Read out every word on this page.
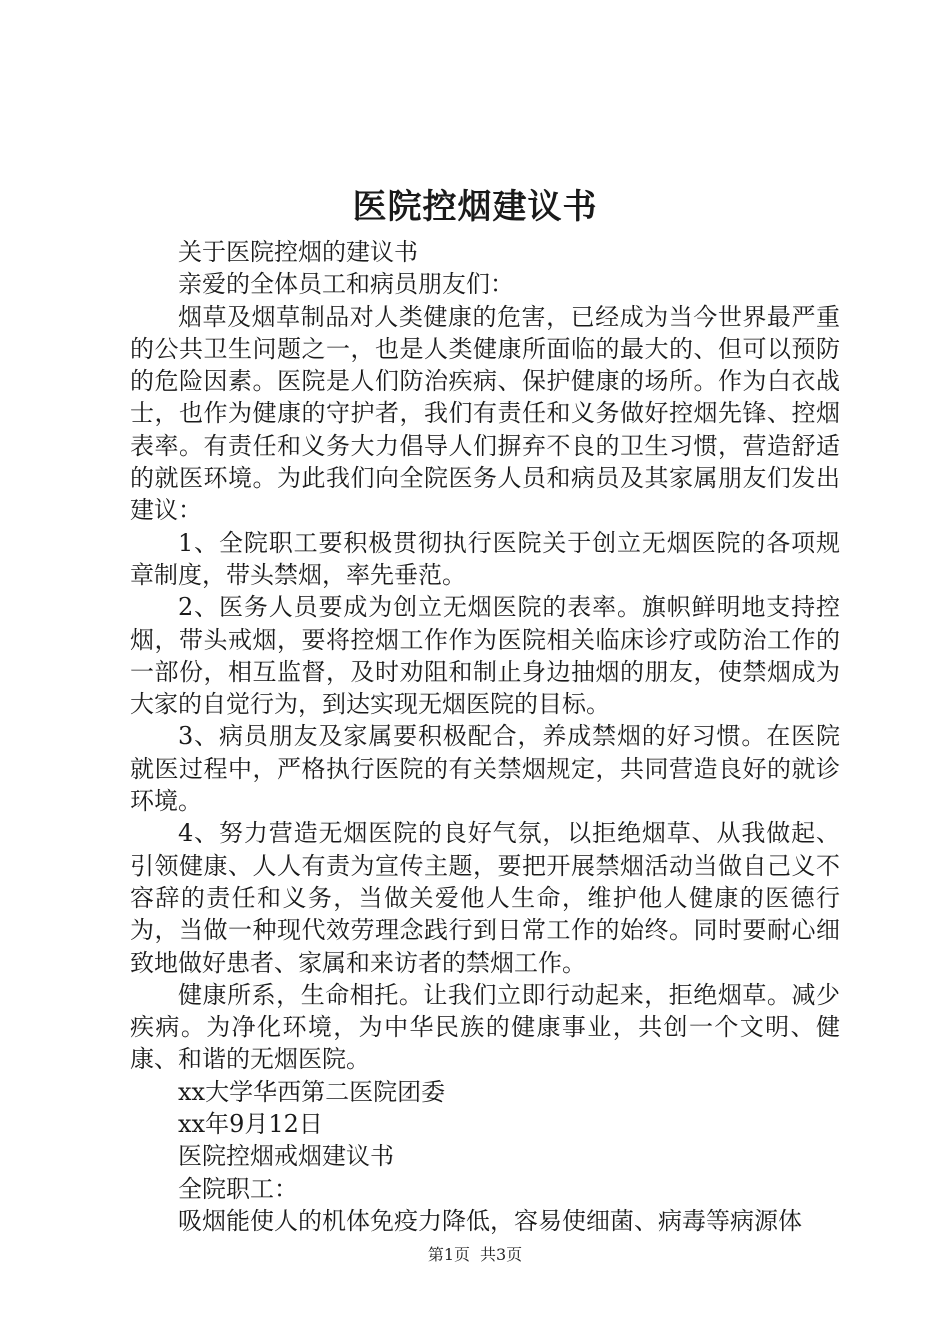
医院控烟建议书

关于医院控烟的建议书

亲爱的全体员工和病员朋友们：

烟草及烟草制品对人类健康的危害，已经成为当今世界最严重的公共卫生问题之一，也是人类健康所面临的最大的、但可以预防的危险因素。医院是人们防治疾病、保护健康的场所。作为白衣战士，也作为健康的守护者，我们有责任和义务做好控烟先锋、控烟表率。有责任和义务大力倡导人们摒弃不良的卫生习惯，营造舒适的就医环境。为此我们向全院医务人员和病员及其家属朋友们发出建议：

1、全院职工要积极贯彻执行医院关于创立无烟医院的各项规章制度，带头禁烟，率先垂范。

2、医务人员要成为创立无烟医院的表率。旗帜鲜明地支持控烟，带头戒烟，要将控烟工作作为医院相关临床诊疗或防治工作的一部份，相互监督，及时劝阻和制止身边抽烟的朋友，使禁烟成为大家的自觉行为，到达实现无烟医院的目标。

3、病员朋友及家属要积极配合，养成禁烟的好习惯。在医院就医过程中，严格执行医院的有关禁烟规定，共同营造良好的就诊环境。

4、努力营造无烟医院的良好气氛，以拒绝烟草、从我做起、引领健康、人人有责为宣传主题，要把开展禁烟活动当做自己义不容辞的责任和义务，当做关爱他人生命，维护他人健康的医德行为，当做一种现代效劳理念践行到日常工作的始终。同时要耐心细致地做好患者、家属和来访者的禁烟工作。

健康所系，生命相托。让我们立即行动起来，拒绝烟草。减少疾病。为净化环境，为中华民族的健康事业，共创一个文明、健康、和谐的无烟医院。

xx大学华西第二医院团委

xx年9月12日

医院控烟戒烟建议书

全院职工：

吸烟能使人的机体免疫力降低，容易使细菌、病毒等病源体

第1页 共3页
